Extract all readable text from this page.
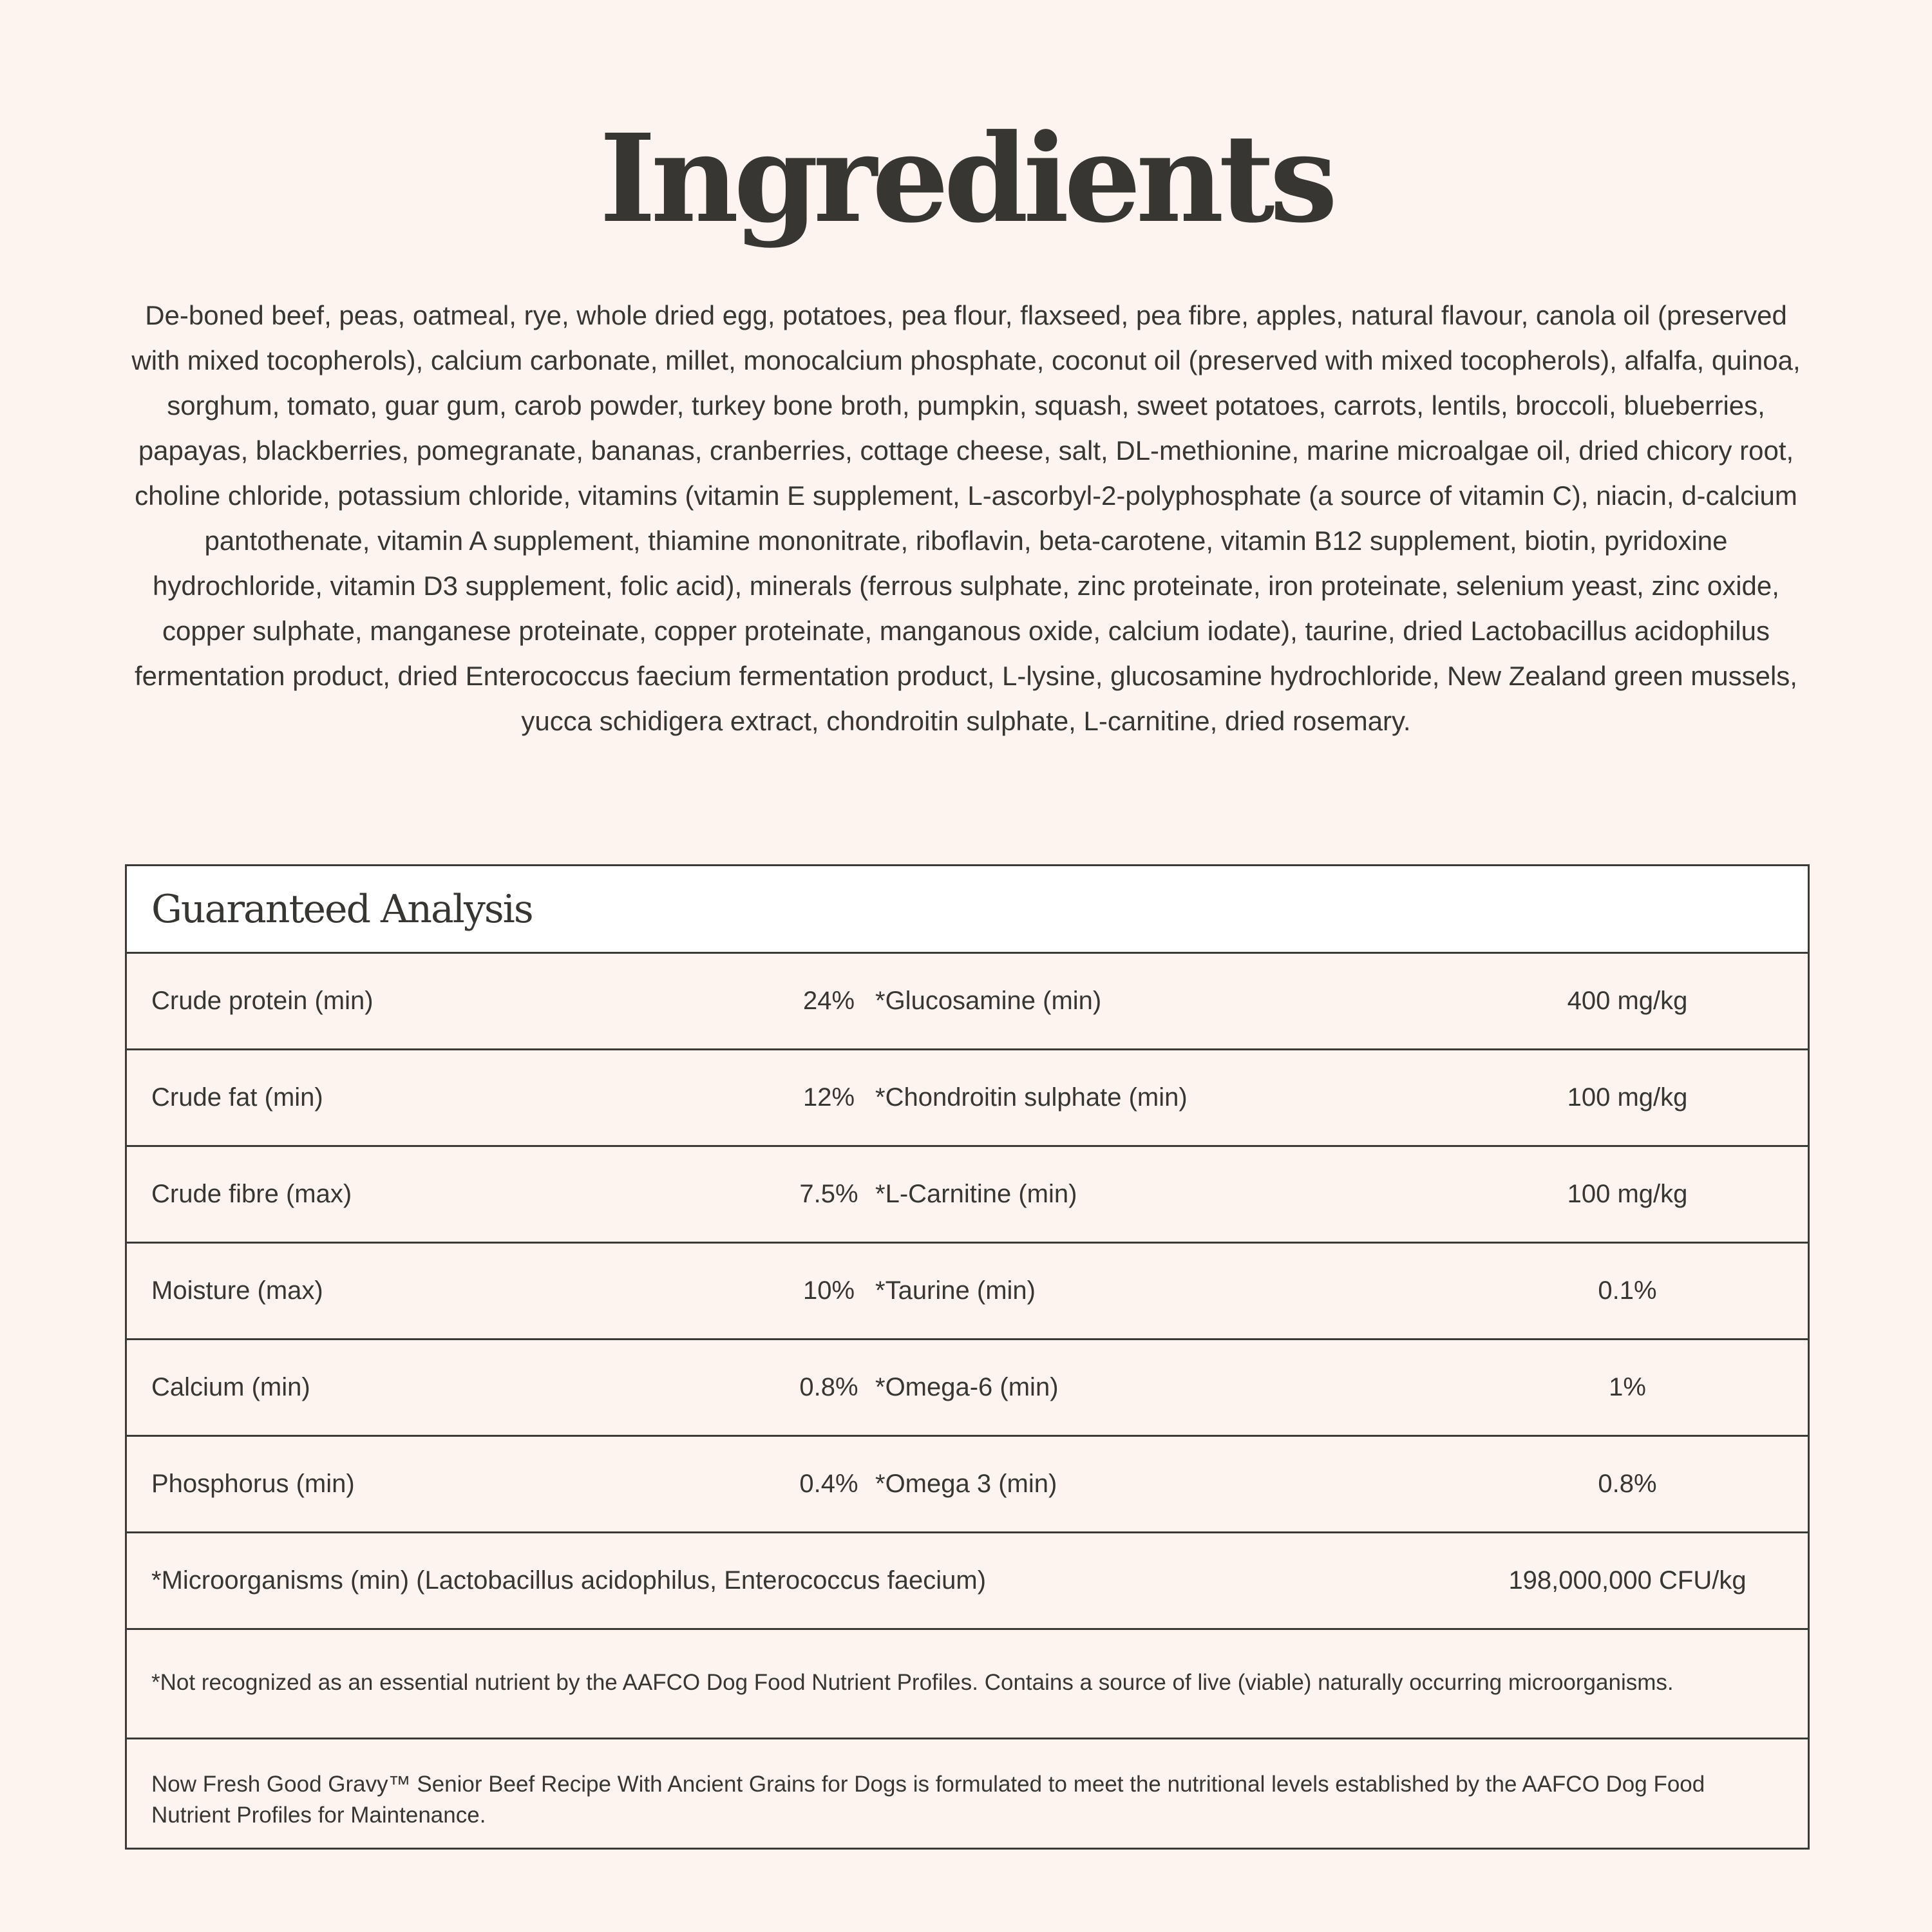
Ingredients

De-boned beef, peas, oatmeal, rye, whole dried egg, potatoes, pea flour, flaxseed, pea fibre, apples, natural flavour, canola oil (preserved with mixed tocopherols), calcium carbonate, millet, monocalcium phosphate, coconut oil (preserved with mixed tocopherols), alfalfa, quinoa, sorghum, tomato, guar gum, carob powder, turkey bone broth, pumpkin, squash, sweet potatoes, carrots, lentils, broccoli, blueberries, papayas, blackberries, pomegranate, bananas, cranberries, cottage cheese, salt, DL-methionine, marine microalgae oil, dried chicory root, choline chloride, potassium chloride, vitamins (vitamin E supplement, L-ascorbyl-2-polyphosphate (a source of vitamin C), niacin, d-calcium pantothenate, vitamin A supplement, thiamine mononitrate, riboflavin, beta-carotene, vitamin B12 supplement, biotin, pyridoxine hydrochloride, vitamin D3 supplement, folic acid), minerals (ferrous sulphate, zinc proteinate, iron proteinate, selenium yeast, zinc oxide, copper sulphate, manganese proteinate, copper proteinate, manganous oxide, calcium iodate), taurine, dried Lactobacillus acidophilus fermentation product, dried Enterococcus faecium fermentation product, L-lysine, glucosamine hydrochloride, New Zealand green mussels, yucca schidigera extract, chondroitin sulphate, L-carnitine, dried rosemary.

Guaranteed Analysis
Crude protein (min)	24% *Glucosamine (min)	400 mg/kg
Crude fat (min)	12% *Chondroitin sulphate (min)	100 mg/kg
Crude fibre (max)	7.5% *L-Carnitine (min)	100 mg/kg
Moisture (max)	10% *Taurine (min)	0.1%
Calcium (min)	0.8% *Omega-6 (min)	1%
Phosphorus (min)	0.4% *Omega 3 (min)	0.8%
*Microorganisms (min) (Lactobacillus acidophilus, Enterococcus faecium)	198,000,000 CFU/kg
*Not recognized as an essential nutrient by the AAFCO Dog Food Nutrient Profiles. Contains a source of live (viable) naturally occurring microorganisms.
Now Fresh Good Gravy™ Senior Beef Recipe With Ancient Grains for Dogs is formulated to meet the nutritional levels established by the AAFCO Dog Food Nutrient Profiles for Maintenance.
